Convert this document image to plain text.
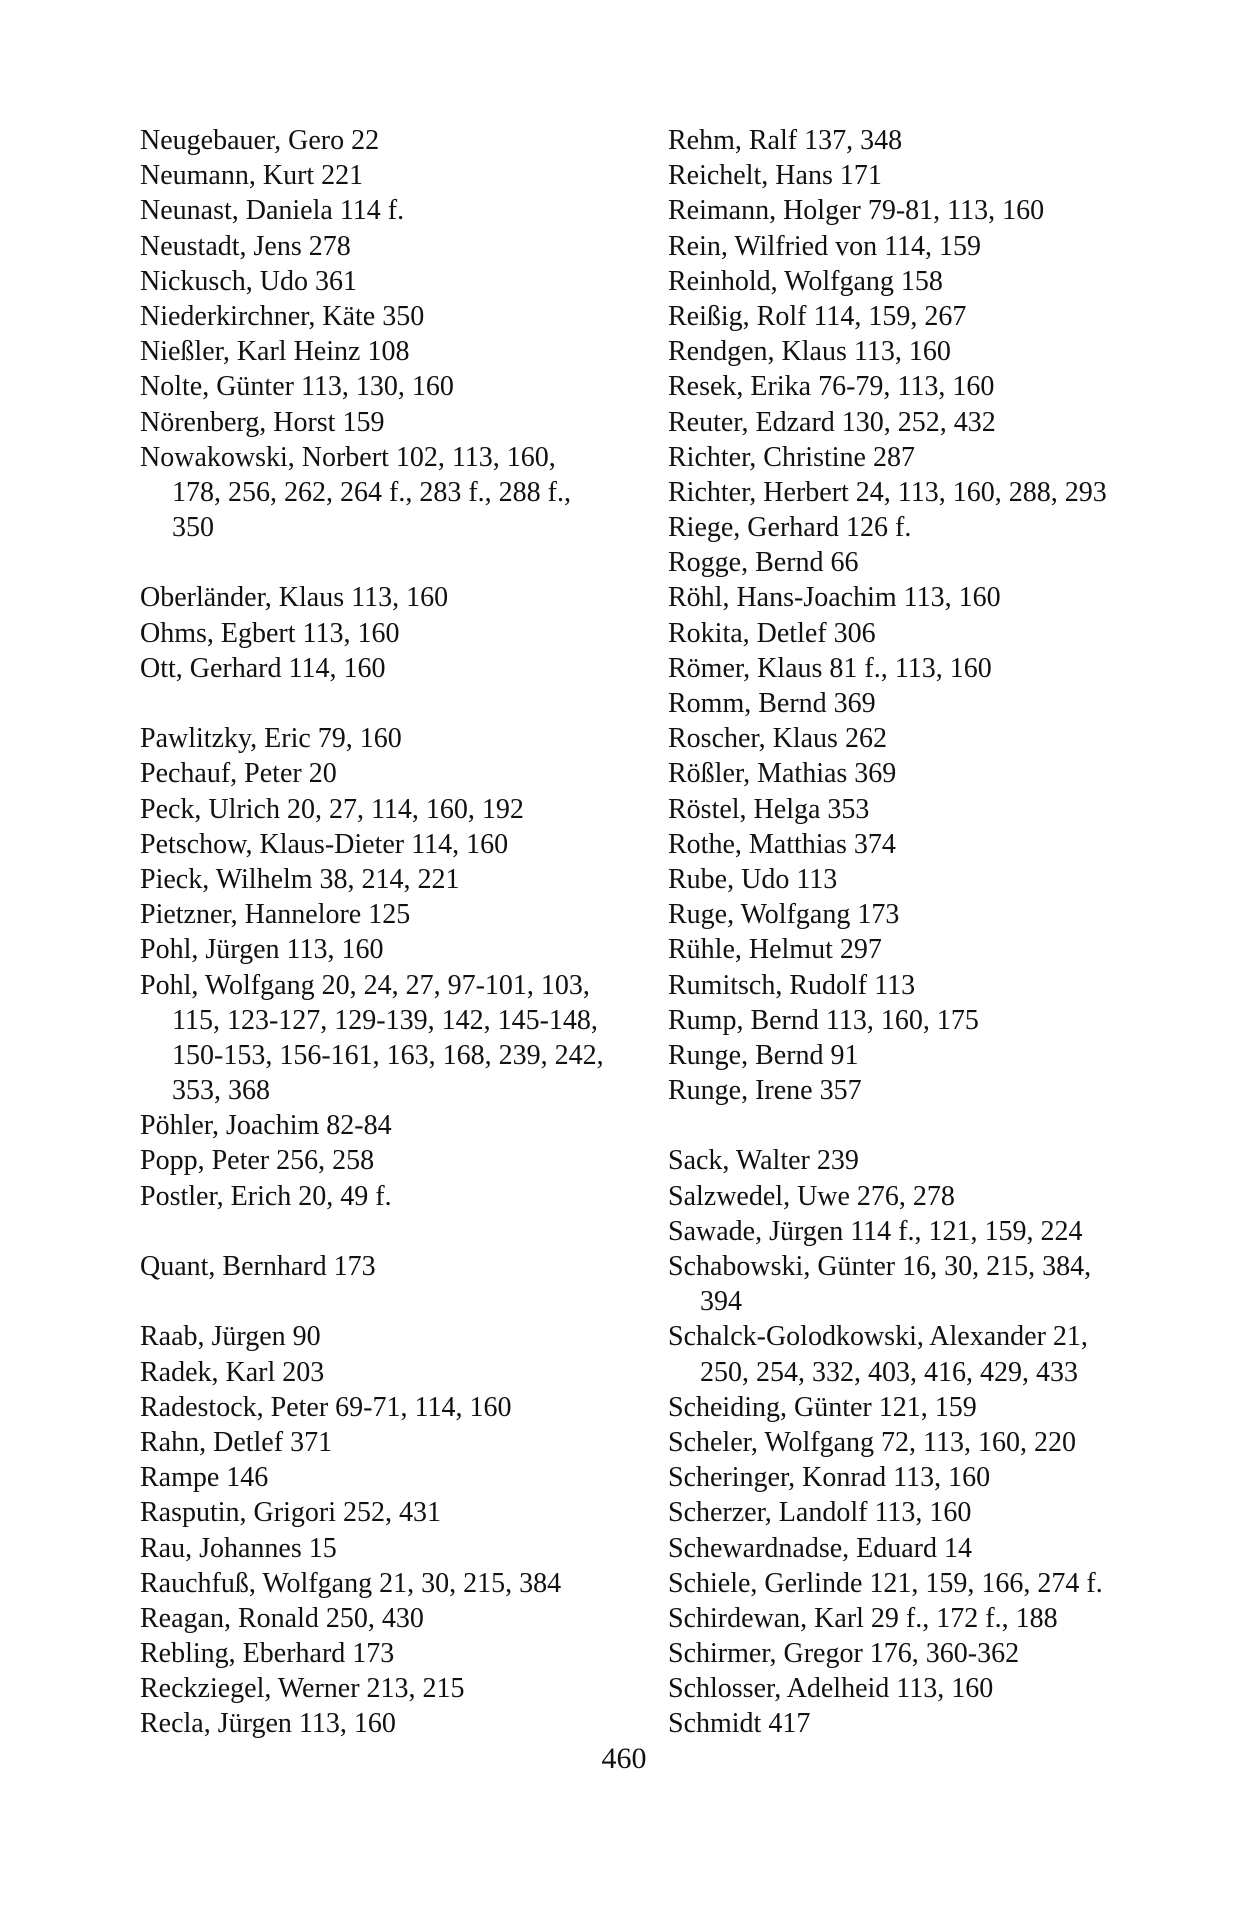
Neugebauer, Gero 22
Neumann, Kurt 221
Neunast, Daniela 114 f.
Neustadt, Jens 278
Nickusch, Udo 361
Niederkirchner, Käte 350
Nießler, Karl Heinz 108
Nolte, Günter 113, 130, 160
Nörenberg, Horst 159
Nowakowski, Norbert 102, 113, 160,
178, 256, 262, 264 f., 283 f., 288 f.,
350
Oberländer, Klaus 113, 160
Ohms, Egbert 113, 160
Ott, Gerhard 114, 160
Pawlitzky, Eric 79, 160
Pechauf, Peter 20
Peck, Ulrich 20, 27, 114, 160, 192
Petschow, Klaus-Dieter 114, 160
Pieck, Wilhelm 38, 214, 221
Pietzner, Hannelore 125
Pohl, Jürgen 113, 160
Pohl, Wolfgang 20, 24, 27, 97-101, 103,
115, 123-127, 129-139, 142, 145-148,
150-153, 156-161, 163, 168, 239, 242,
353, 368
Pöhler, Joachim 82-84
Popp, Peter 256, 258
Postler, Erich 20, 49 f.
Quant, Bernhard 173
Raab, Jürgen 90
Radek, Karl 203
Radestock, Peter 69-71, 114, 160
Rahn, Detlef 371
Rampe 146
Rasputin, Grigori 252, 431
Rau, Johannes 15
Rauchfuß, Wolfgang 21, 30, 215, 384
Reagan, Ronald 250, 430
Rebling, Eberhard 173
Reckziegel, Werner 213, 215
Recla, Jürgen 113, 160
Rehm, Ralf 137, 348
Reichelt, Hans 171
Reimann, Holger 79-81, 113, 160
Rein, Wilfried von 114, 159
Reinhold, Wolfgang 158
Reißig, Rolf 114, 159, 267
Rendgen, Klaus 113, 160
Resek, Erika 76-79, 113, 160
Reuter, Edzard 130, 252, 432
Richter, Christine 287
Richter, Herbert 24, 113, 160, 288, 293
Riege, Gerhard 126 f.
Rogge, Bernd 66
Röhl, Hans-Joachim 113, 160
Rokita, Detlef 306
Römer, Klaus 81 f., 113, 160
Romm, Bernd 369
Roscher, Klaus 262
Rößler, Mathias 369
Röstel, Helga 353
Rothe, Matthias 374
Rube, Udo 113
Ruge, Wolfgang 173
Rühle, Helmut 297
Rumitsch, Rudolf 113
Rump, Bernd 113, 160, 175
Runge, Bernd 91
Runge, Irene 357
Sack, Walter 239
Salzwedel, Uwe 276, 278
Sawade, Jürgen 114 f., 121, 159, 224
Schabowski, Günter 16, 30, 215, 384,
394
Schalck-Golodkowski, Alexander 21,
250, 254, 332, 403, 416, 429, 433
Scheiding, Günter 121, 159
Scheler, Wolfgang 72, 113, 160, 220
Scheringer, Konrad 113, 160
Scherzer, Landolf 113, 160
Schewardnadse, Eduard 14
Schiele, Gerlinde 121, 159, 166, 274 f.
Schirdewan, Karl 29 f., 172 f., 188
Schirmer, Gregor 176, 360-362
Schlosser, Adelheid 113, 160
Schmidt 417
460
